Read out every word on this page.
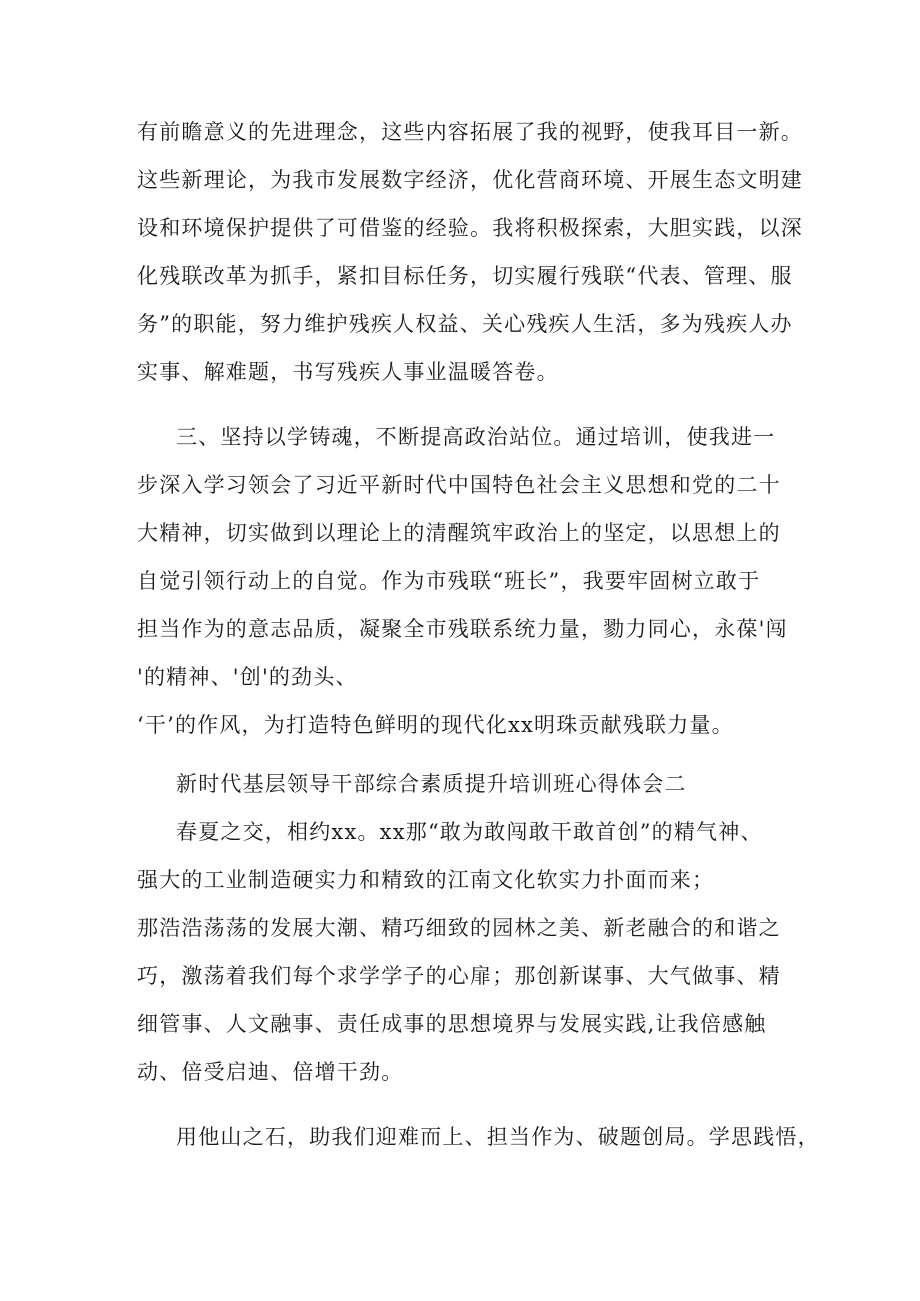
有前瞻意义的先进理念，这些内容拓展了我的视野，使我耳目一新。
这些新理论，为我市发展数字经济，优化营商环境、开展生态文明建
设和环境保护提供了可借鉴的经验。我将积极探索，大胆实践，以深
化残联改革为抓手，紧扣目标任务，切实履行残联“代表、管理、服
务”的职能，努力维护残疾人权益、关心残疾人生活，多为残疾人办
实事、解难题，书写残疾人事业温暖答卷。
三、坚持以学铸魂，不断提高政治站位。通过培训，使我进一
步深入学习领会了习近平新时代中国特色社会主义思想和党的二十
大精神，切实做到以理论上的清醒筑牢政治上的坚定，以思想上的
自觉引领行动上的自觉。作为市残联“班长”，我要牢固树立敢于
担当作为的意志品质，凝聚全市残联系统力量，勠力同心，永葆'闯
'的精神、'创'的劲头、
‘干’的作风，为打造特色鲜明的现代化xx明珠贡献残联力量。
新时代基层领导干部综合素质提升培训班心得体会二
春夏之交，相约xx。xx那“敢为敢闯敢干敢首创”的精气神、
强大的工业制造硬实力和精致的江南文化软实力扑面而来；
那浩浩荡荡的发展大潮、精巧细致的园林之美、新老融合的和谐之
巧，激荡着我们每个求学学子的心扉；那创新谋事、大气做事、精
细管事、人文融事、责任成事的思想境界与发展实践,让我倍感触
动、倍受启迪、倍增干劲。
用他山之石，助我们迎难而上、担当作为、破题创局。学思践悟，
